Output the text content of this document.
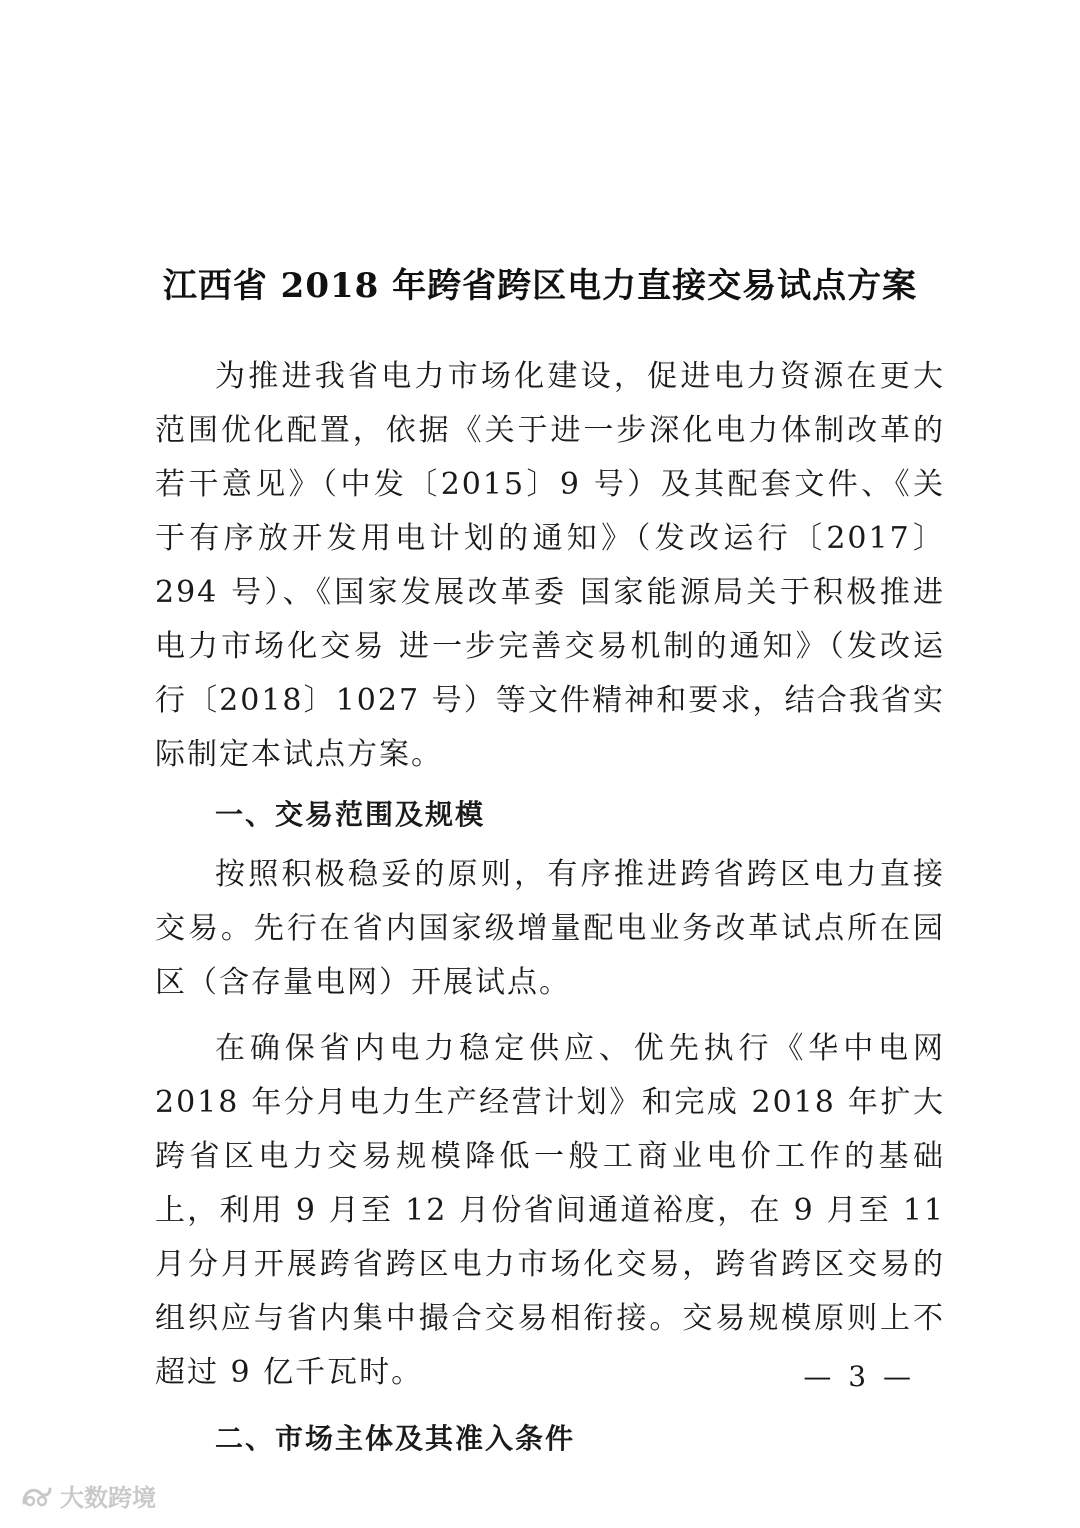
江西省 2018 年跨省跨区电力直接交易试点方案

为推进我省电力市场化建设，促进电力资源在更大范围优化配置，依据《关于进一步深化电力体制改革的若干意见》（中发〔2015〕9 号）及其配套文件、《关于有序放开发用电计划的通知》（发改运行〔2017〕294 号）、《国家发展改革委 国家能源局关于积极推进电力市场化交易 进一步完善交易机制的通知》（发改运行〔2018〕1027 号）等文件精神和要求，结合我省实际制定本试点方案。

一、交易范围及规模

按照积极稳妥的原则，有序推进跨省跨区电力直接交易。先行在省内国家级增量配电业务改革试点所在园区（含存量电网）开展试点。

在确保省内电力稳定供应、优先执行《华中电网 2018 年分月电力生产经营计划》和完成 2018 年扩大跨省区电力交易规模降低一般工商业电价工作的基础上，利用 9 月至 12 月份省间通道裕度，在 9 月至 11 月分月开展跨省跨区电力市场化交易，跨省跨区交易的组织应与省内集中撮合交易相衔接。交易规模原则上不超过 9 亿千瓦时。

二、市场主体及其准入条件
— 3 —
大数跨境
